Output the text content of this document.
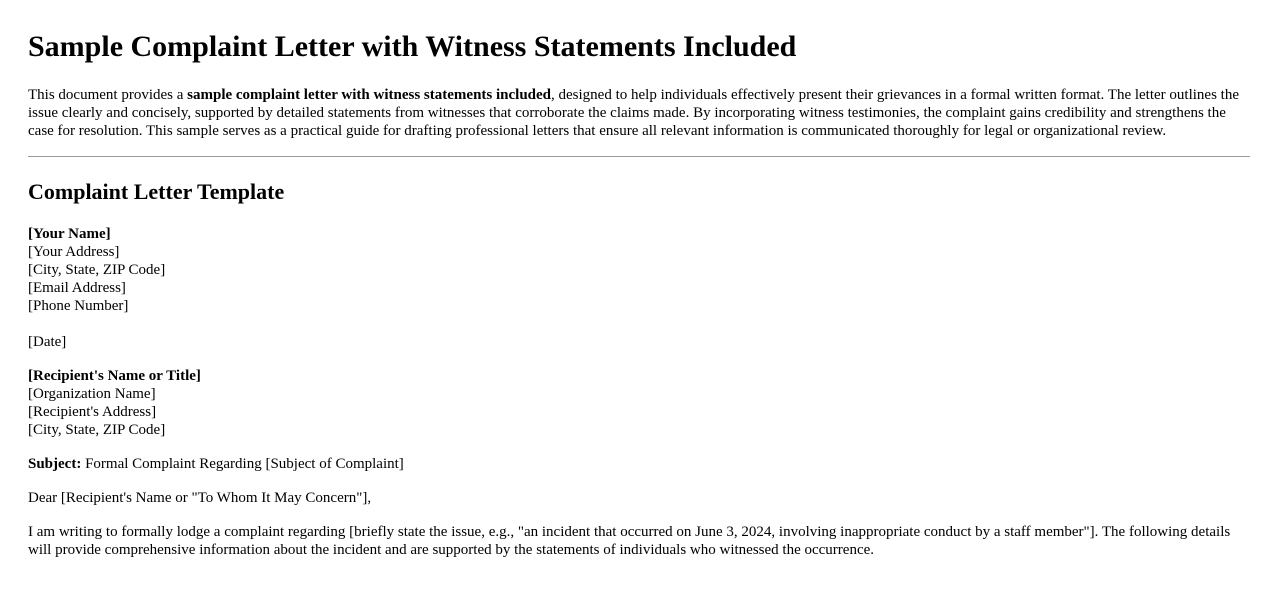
Sample Complaint Letter with Witness Statements Included

This document provides a sample complaint letter with witness statements included, designed to help individuals effectively present their grievances in a formal written format. The letter outlines the issue clearly and concisely, supported by detailed statements from witnesses that corroborate the claims made. By incorporating witness testimonies, the complaint gains credibility and strengthens the case for resolution. This sample serves as a practical guide for drafting professional letters that ensure all relevant information is communicated thoroughly for legal or organizational review.

Complaint Letter Template
[Your Name]
[Your Address]
[City, State, ZIP Code]
[Email Address]
[Phone Number]
[Date]
[Recipient's Name or Title]
[Organization Name]
[Recipient's Address]
[City, State, ZIP Code]
Subject: Formal Complaint Regarding [Subject of Complaint]
Dear [Recipient's Name or "To Whom It May Concern"],
I am writing to formally lodge a complaint regarding [briefly state the issue, e.g., "an incident that occurred on June 3, 2024, involving inappropriate conduct by a staff member"]. The following details will provide comprehensive information about the incident and are supported by the statements of individuals who witnessed the occurrence.
